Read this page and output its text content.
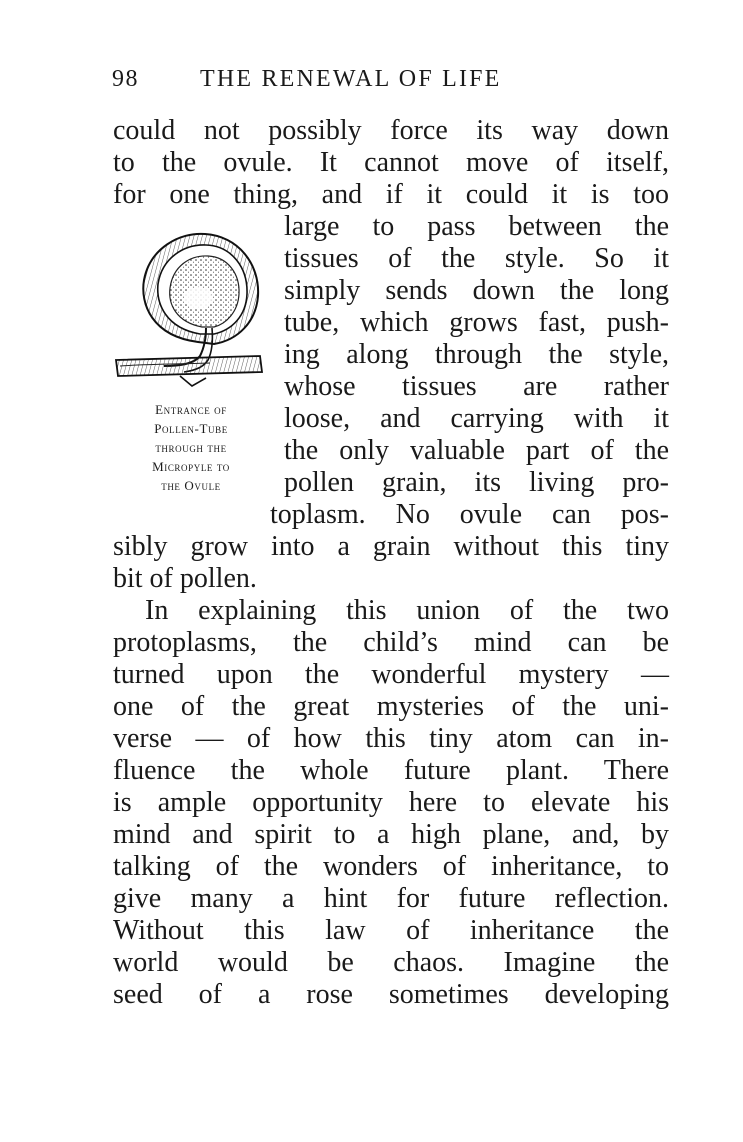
98	THE RENEWAL OF LIFE
could not possibly force its way down
to the ovule. It cannot move of itself,
for one thing, and if it could it is too
large to pass between the
tissues of the style. So it
simply sends down the long
tube, which grows fast, push-
ing along through the style,
whose tissues are rather
loose, and carrying with it
the only valuable part of the
pollen grain, its living pro-
toplasm. No ovule can pos-
sibly grow into a grain without this tiny
bit of pollen.
In explaining this union of the two
protoplasms, the child’s mind can be
turned upon the wonderful mystery —
one of the great mysteries of the uni-
verse — of how this tiny atom can in-
fluence the whole future plant. There
is ample opportunity here to elevate his
mind and spirit to a high plane, and, by
talking of the wonders of inheritance, to
give many a hint for future reflection.
Without this law of inheritance the
world would be chaos. Imagine the
seed of a rose sometimes developing
Entrance of
Pollen-Tube
through the
Micropyle to
the Ovule
